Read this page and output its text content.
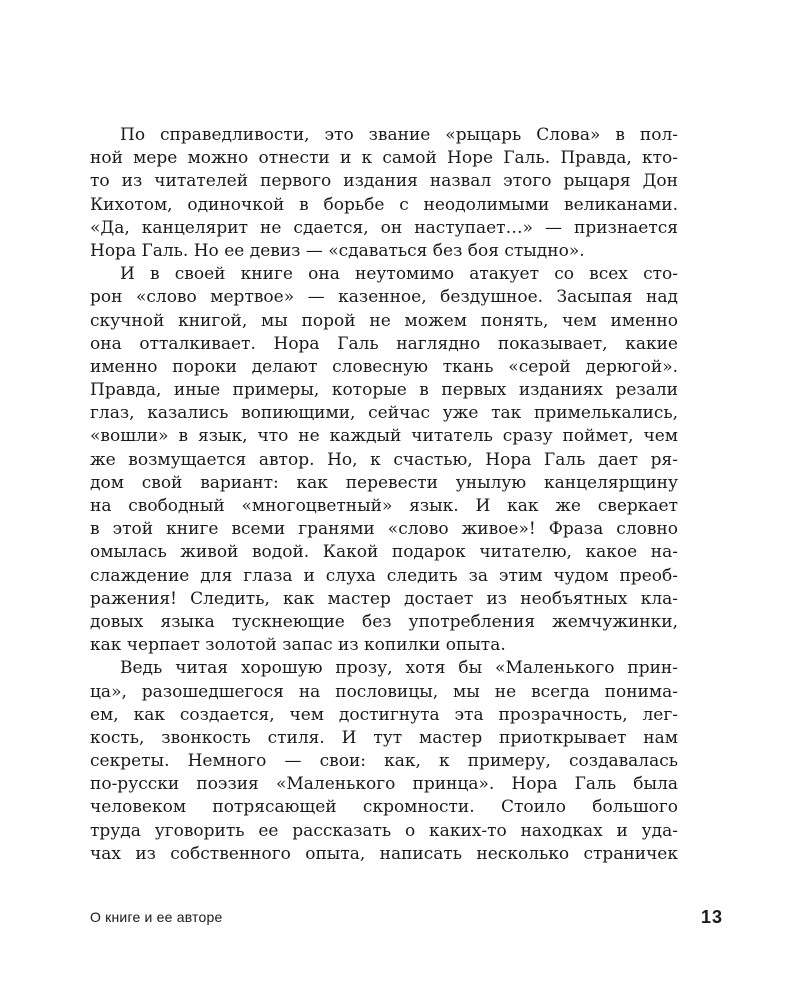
По справедливости, это звание «рыцарь Слова» в пол-
ной мере можно отнести и к самой Норе Галь. Правда, кто-
то из читателей первого издания назвал этого рыцаря Дон
Кихотом, одиночкой в борьбе с неодолимыми великанами.
«Да, канцелярит не сдается, он наступает…» — признается
Нора Галь. Но ее девиз — «сдаваться без боя стыдно».
И в своей книге она неутомимо атакует со всех сто-
рон «слово мертвое» — казенное, бездушное. Засыпая над
скучной книгой, мы порой не можем понять, чем именно
она отталкивает. Нора Галь наглядно показывает, какие
именно пороки делают словесную ткань «серой дерюгой».
Правда, иные примеры, которые в первых изданиях резали
глаз, казались вопиющими, сейчас уже так примелькались,
«вошли» в язык, что не каждый читатель сразу поймет, чем
же возмущается автор. Но, к счастью, Нора Галь дает ря-
дом свой вариант: как перевести унылую канцелярщину
на свободный «многоцветный» язык. И как же сверкает
в этой книге всеми гранями «слово живое»! Фраза словно
омылась живой водой. Какой подарок читателю, какое на-
слаждение для глаза и слуха следить за этим чудом преоб-
ражения! Следить, как мастер достает из необъятных кла-
довых языка тускнеющие без употребления жемчужинки,
как черпает золотой запас из копилки опыта.
Ведь читая хорошую прозу, хотя бы «Маленького прин-
ца», разошедшегося на пословицы, мы не всегда понима-
ем, как создается, чем достигнута эта прозрачность, лег-
кость, звонкость стиля. И тут мастер приоткрывает нам
секреты. Немного — свои: как, к примеру, создавалась
по-русски поэзия «Маленького принца». Нора Галь была
человеком потрясающей скромности. Стоило большого
труда уговорить ее рассказать о каких-то находках и уда-
чах из собственного опыта, написать несколько страничек
О книге и ее авторе	13
